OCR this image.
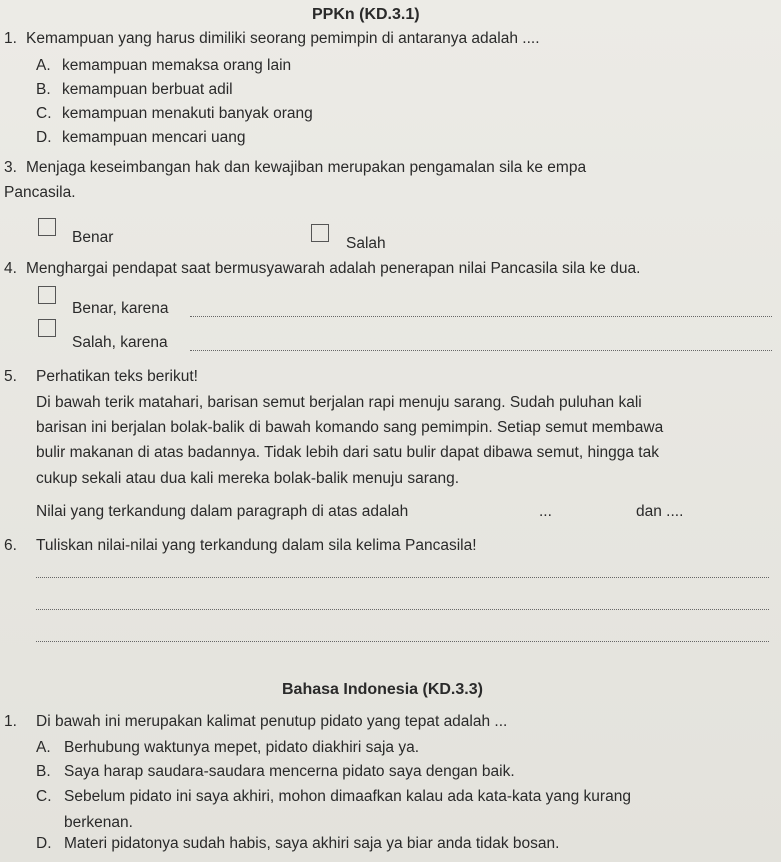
PPKn (KD.3.1)
1. Kemampuan yang harus dimiliki seorang pemimpin di antaranya adalah ....
A. kemampuan memaksa orang lain
B. kemampuan berbuat adil
C. kemampuan menakuti banyak orang
D. kemampuan mencari uang
3. Menjaga keseimbangan hak dan kewajiban merupakan pengamalan sila ke empa
Pancasila.
Benar	Salah
4. Menghargai pendapat saat bermusyawarah adalah penerapan nilai Pancasila sila ke dua.
Benar, karena
Salah, karena
5. Perhatikan teks berikut!
Di bawah terik matahari, barisan semut berjalan rapi menuju sarang. Sudah puluhan kali
barisan ini berjalan bolak-balik di bawah komando sang pemimpin. Setiap semut membawa
bulir makanan di atas badannya. Tidak lebih dari satu bulir dapat dibawa semut, hingga tak
cukup sekali atau dua kali mereka bolak-balik menuju sarang.
Nilai yang terkandung dalam paragraph di atas adalah	...	dan ....
6. Tuliskan nilai-nilai yang terkandung dalam sila kelima Pancasila!
Bahasa Indonesia (KD.3.3)
1. Di bawah ini merupakan kalimat penutup pidato yang tepat adalah ...
A. Berhubung waktunya mepet, pidato diakhiri saja ya.
B. Saya harap saudara-saudara mencerna pidato saya dengan baik.
C. Sebelum pidato ini saya akhiri, mohon dimaafkan kalau ada kata-kata yang kurang
berkenan.
D. Materi pidatonya sudah habis, saya akhiri saja ya biar anda tidak bosan.
